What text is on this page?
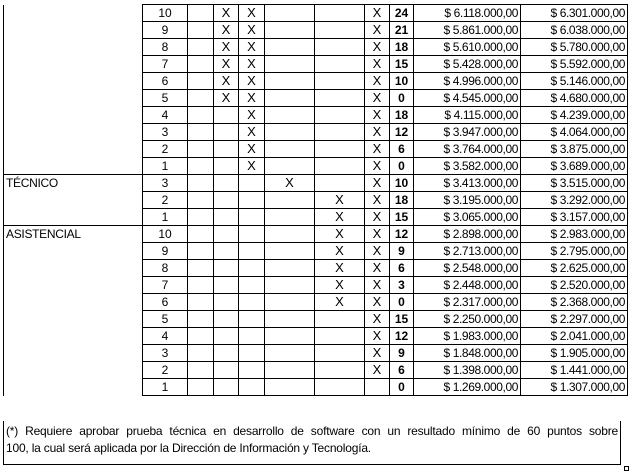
	10		X	X			X	24	$ 6.118.000,00	$ 6.301.000,00
	9		X	X			X	21	$ 5.861.000,00	$ 6.038.000,00
	8		X	X			X	18	$ 5.610.000,00	$ 5.780.000,00
	7		X	X			X	15	$ 5.428.000,00	$ 5.592.000,00
	6		X	X			X	10	$ 4.996.000,00	$ 5.146.000,00
	5		X	X			X	0	$ 4.545.000,00	$ 4.680.000,00
	4			X			X	18	$ 4.115.000,00	$ 4.239.000,00
	3			X			X	12	$ 3.947.000,00	$ 4.064.000,00
	2			X			X	6	$ 3.764.000,00	$ 3.875.000,00
	1			X			X	0	$ 3.582.000,00	$ 3.689.000,00
TÉCNICO	3				X		X	10	$ 3.413.000,00	$ 3.515.000,00
	2					X	X	18	$ 3.195.000,00	$ 3.292.000,00
	1					X	X	15	$ 3.065.000,00	$ 3.157.000,00
ASISTENCIAL	10					X	X	12	$ 2.898.000,00	$ 2.983.000,00
	9					X	X	9	$ 2.713.000,00	$ 2.795.000,00
	8					X	X	6	$ 2.548.000,00	$ 2.625.000,00
	7					X	X	3	$ 2.448.000,00	$ 2.520.000,00
	6					X	X	0	$ 2.317.000,00	$ 2.368.000,00
	5						X	15	$ 2.250.000,00	$ 2.297.000,00
	4						X	12	$ 1.983.000,00	$ 2.041.000,00
	3						X	9	$ 1.848.000,00	$ 1.905.000,00
	2						X	6	$ 1.398.000,00	$ 1.441.000,00
	1							0	$ 1.269.000,00	$ 1.307.000,00
(*) Requiere aprobar prueba técnica en desarrollo de software con un resultado mínimo de 60 puntos sobre
100, la cual será aplicada por la Dirección de Información y Tecnología.
